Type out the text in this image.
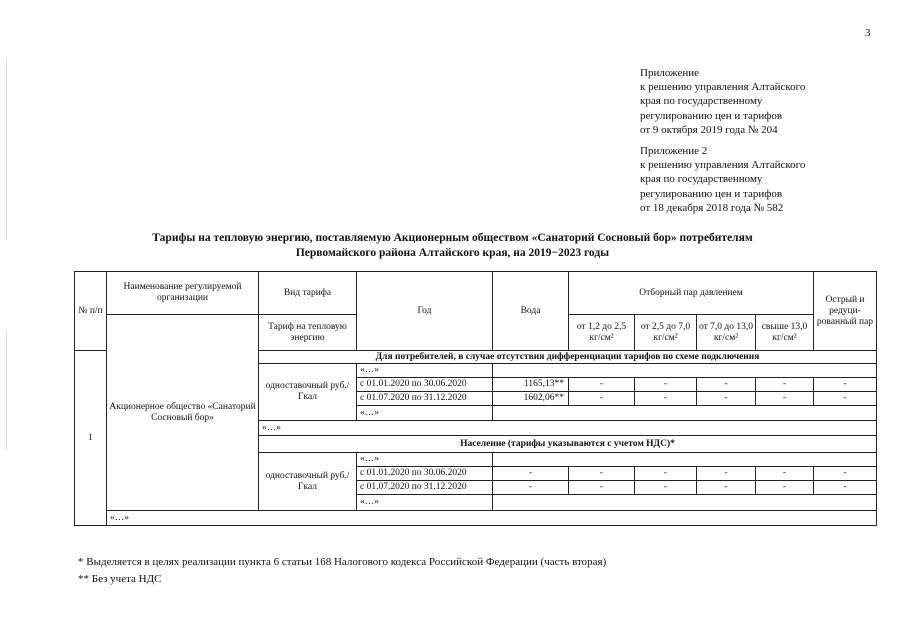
3
Приложение
к решению управления Алтайского
края по государственному
регулированию цен и тарифов
от 9 октября 2019 года № 204
Приложение 2
к решению управления Алтайского
края по государственному
регулированию цен и тарифов
от 18 декабря 2018 года № 582
Тарифы на тепловую энергию, поставляемую Акционерным обществом «Санаторий Сосновый бор» потребителям
Первомайского района Алтайского края, на 2019−2023 годы
№ п/п	Наименование регулируемой организации	Вид тарифа	Год	Вода	Отборный пар давлением				Острый и редуци-рованный пар
	Акционерное общество «Санаторий Сосновый бор»	Тариф на тепловую энергию			от 1,2 до 2,5 кг/см²	от 2,5 до 7,0 кг/см²	от 7,0 до 13,0 кг/см²	свыше 13,0 кг/см²	
1		Для потребителей, в случае отсутствия дифференциации тарифов по схеме подключения							
		одноставочный руб./Гкал	«…»						
			с 01.01.2020 по 30.06.2020	1165,13**	-	-	-	-	-
			с 01.07.2020 по 31.12.2020	1602,06**	-	-	-	-	-
			«…»						
		«…»							
		Население (тарифы указываются с учетом НДС)*							
		одноставочный руб./Гкал	«…»						
			с 01.01.2020 по 30.06.2020	-	-	-	-	-	-
			с 01.07.2020 по 31.12.2020	-	-	-	-	-	-
			«…»						
	«…»								
* Выделяется в целях реализации пункта 6 статьи 168 Налогового кодекса Российской Федерации (часть вторая)
** Без учета НДС
